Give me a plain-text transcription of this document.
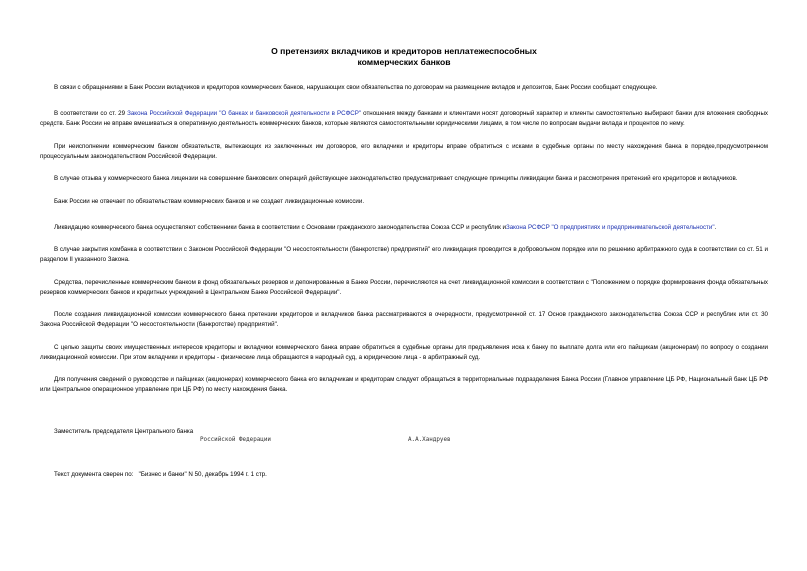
О претензиях вкладчиков и кредиторов неплатежеспособных
коммерческих банков

В связи с обращениями в Банк России вкладчиков и кредиторов коммерческих банков, нарушающих свои обязательства по договорам на размещение вкладов и депозитов, Банк России сообщает следующее.

В соответствии со ст. 29 Закона Российской Федерации "О банках и банковской деятельности в РСФСР" отношения между банками и клиентами носят договорный характер и клиенты самостоятельно выбирают банки для вложения свободных средств. Банк России не вправе вмешиваться в оперативную деятельность коммерческих банков, которые являются самостоятельными юридическими лицами, в том числе по вопросам выдачи вклада и процентов по нему.

При неисполнении коммерческим банком обязательств, вытекающих из заключенных им договоров, его вкладчики и кредиторы вправе обратиться с исками в судебные органы по месту нахождения банка в порядке,предусмотренном процессуальным законодательством Российской Федерации.

В случае отзыва у коммерческого банка лицензии на совершение банковских операций действующее законодательство предусматривает следующие принципы ликвидации банка и рассмотрения претензий его кредиторов и вкладчиков.

Банк России не отвечает по обязательствам коммерческих банков и не создает ликвидационные комиссии.

Ликвидацию коммерческого банка осуществляют собственники банка в соответствии с Основами гражданского законодательства Союза ССР и республик иЗакона РСФСР "О предприятиях и предпринимательской деятельности".

В случае закрытия комбанка в соответствии с Законом Российской Федерации "О несостоятельности (банкротстве) предприятий" его ликвидация проводится в добровольном порядке или по решению арбитражного суда в соответствии со ст. 51 и разделом II указанного Закона.

Средства, перечисленные коммерческим банком в фонд обязательных резервов и депонированные в Банке России, перечисляются на счет ликвидационной комиссии в соответствии с "Положением о порядке формирования фонда обязательных резервов коммерческих банков и кредитных учреждений в Центральном Банке Российской Федерации".

После создания ликвидационной комиссии коммерческого банка претензии кредиторов и вкладчиков банка рассматриваются в очередности, предусмотренной ст. 17 Основ гражданского законодательства Союза ССР и республик или ст. 30 Закона Российской Федерации "О несостоятельности (банкротстве) предприятий".

С целью защиты своих имущественных интересов кредиторы и вкладчики коммерческого банка вправе обратиться в судебные органы для предъявления иска к банку по выплате долга или его пайщикам (акционерам) по вопросу о создании ликвидационной комиссии. При этом вкладчики и кредиторы - физические лица обращаются в народный суд, а юридические лица - в арбитражный суд.

Для получения сведений о руководстве и пайщиках (акционерах) коммерческого банка его вкладчикам и кредиторам следует обращаться в территориальные подразделения Банка России (Главное управление ЦБ РФ, Национальный банк ЦБ РФ или Центральное операционное управление при ЦБ РФ) по месту нахождения банка.

Заместитель председателя Центрального банка
Российской Федерации	А.А.Хандруев
Текст документа сверен по: "Бизнес и банки" N 50, декабрь 1994 г. 1 стр.
